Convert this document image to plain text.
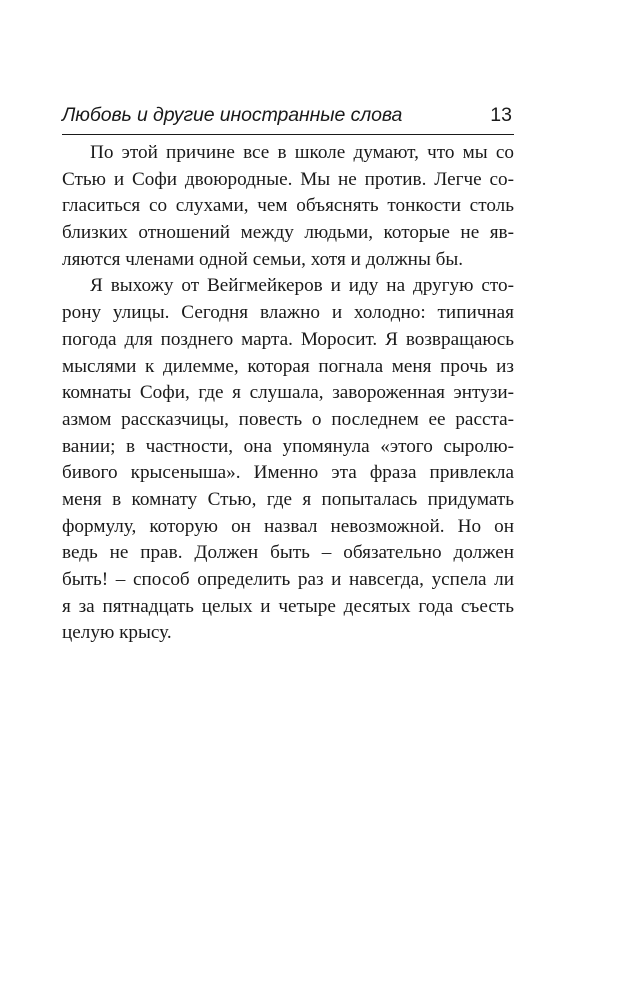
Любовь и другие иностранные слова	13
По этой причине все в школе думают, что мы со
Стью и Софи двоюродные. Мы не против. Легче со-
гласиться со слухами, чем объяснять тонкости столь
близких отношений между людьми, которые не яв-
ляются членами одной семьи, хотя и должны бы.
Я выхожу от Вейгмейкеров и иду на другую сто-
рону улицы. Сегодня влажно и холодно: типичная
погода для позднего марта. Моросит. Я возвращаюсь
мыслями к дилемме, которая погнала меня прочь из
комнаты Софи, где я слушала, завороженная энтузи-
азмом рассказчицы, повесть о последнем ее расста-
вании; в частности, она упомянула «этого сыролю-
бивого крысеныша». Именно эта фраза привлекла
меня в комнату Стью, где я попыталась придумать
формулу, которую он назвал невозможной. Но он
ведь не прав. Должен быть – обязательно должен
быть! – способ определить раз и навсегда, успела ли
я за пятнадцать целых и четыре десятых года съесть
целую крысу.
